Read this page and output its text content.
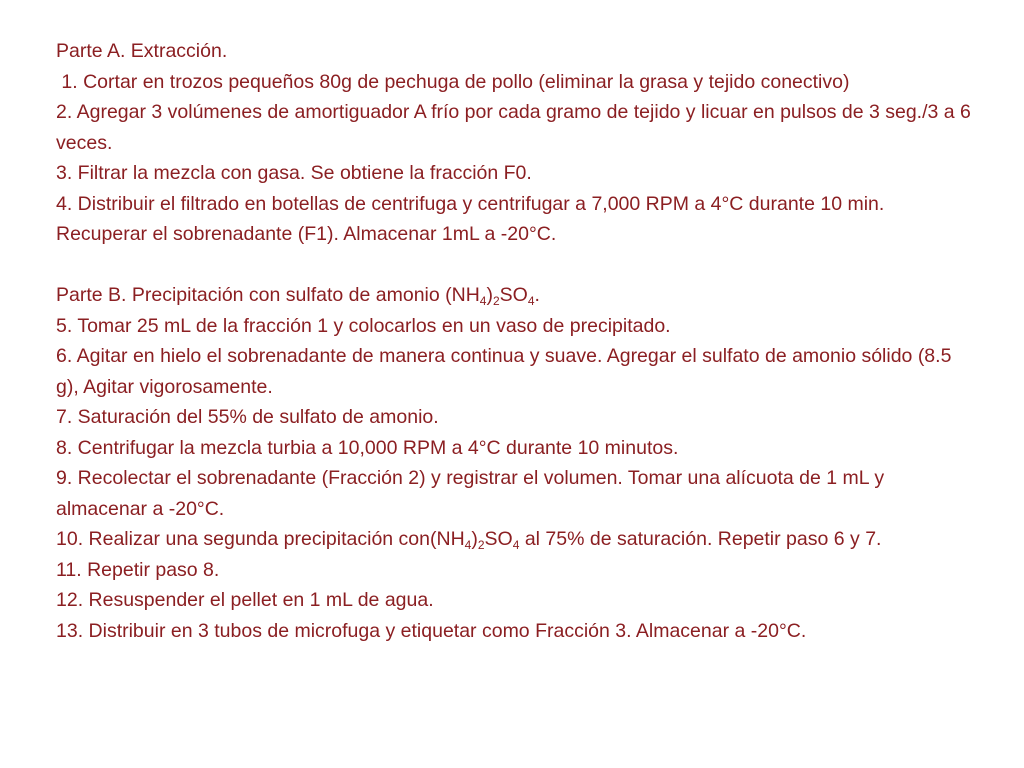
Parte A. Extracción.
1. Cortar en trozos pequeños 80g de pechuga de pollo (eliminar la grasa y tejido conectivo)
2. Agregar 3 volúmenes de amortiguador A frío por cada gramo de tejido y licuar en pulsos de 3 seg./3 a 6 veces.
3. Filtrar la mezcla con gasa. Se obtiene la fracción F0.
4. Distribuir el filtrado en botellas de centrifuga y centrifugar a 7,000 RPM a 4°C durante 10 min. Recuperar el sobrenadante (F1). Almacenar 1mL a -20°C.
Parte B. Precipitación con sulfato de amonio $(NH_4)_2SO_4$.
5. Tomar 25 mL de la fracción 1 y colocarlos en un vaso de precipitado.
6. Agitar en hielo el sobrenadante de manera continua y suave. Agregar el sulfato de amonio sólido (8.5 g), Agitar vigorosamente.
7. Saturación del 55% de sulfato de amonio.
8. Centrifugar la mezcla turbia a 10,000 RPM a 4°C durante 10 minutos.
9. Recolectar el sobrenadante (Fracción 2) y registrar el volumen. Tomar una alícuota de 1 mL y almacenar a -20°C.
10. Realizar una segunda precipitación $con(NH_4)_2SO_4$ al 75% de saturación. Repetir paso 6 y 7.
11. Repetir paso 8.
12. Resuspender el pellet en 1 mL de agua.
13. Distribuir en 3 tubos de microfuga y etiquetar como Fracción 3. Almacenar a -20°C.
